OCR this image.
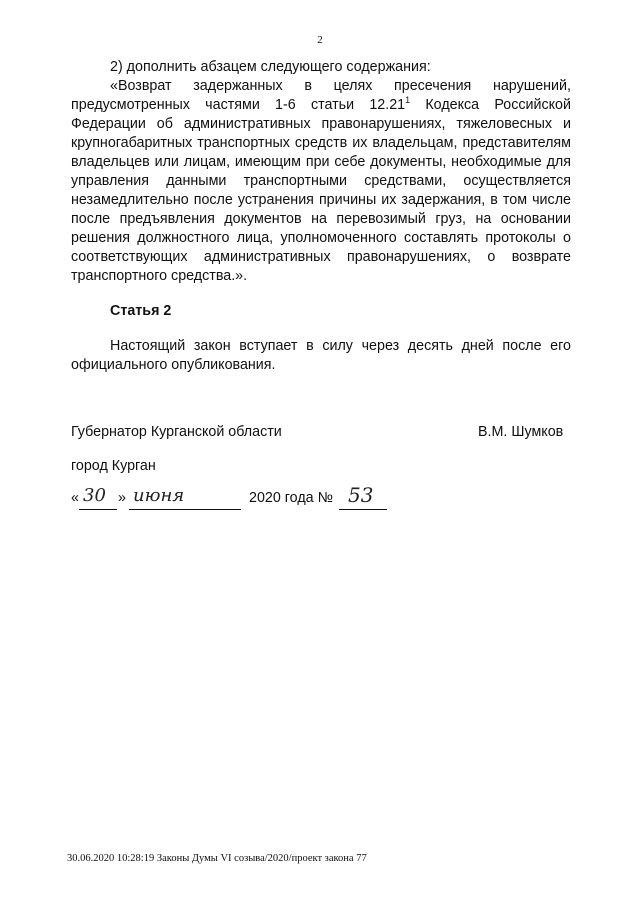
2

2) дополнить абзацем следующего содержания:

«Возврат задержанных в целях пресечения нарушений, предусмотренных частями 1-6 статьи 12.21$^1$ Кодекса Российской Федерации об административных правонарушениях, тяжеловесных и крупногабаритных транспортных средств их владельцам, представителям владельцев или лицам, имеющим при себе документы, необходимые для управления данными транспортными средствами, осуществляется незамедлительно после устранения причины их задержания, в том числе после предъявления документов на перевозимый груз, на основании решения должностного лица, уполномоченного составлять протоколы о соответствующих административных правонарушениях, о возврате транспортного средства.».

Статья 2

Настоящий закон вступает в силу через десять дней после его официального опубликования.

Губернатор Курганской области	В.М. Шумков
город Курган
« 30 » июня	2020 года № 53
30.06.2020 10:28:19 Законы Думы VI созыва/2020/проект закона 77
